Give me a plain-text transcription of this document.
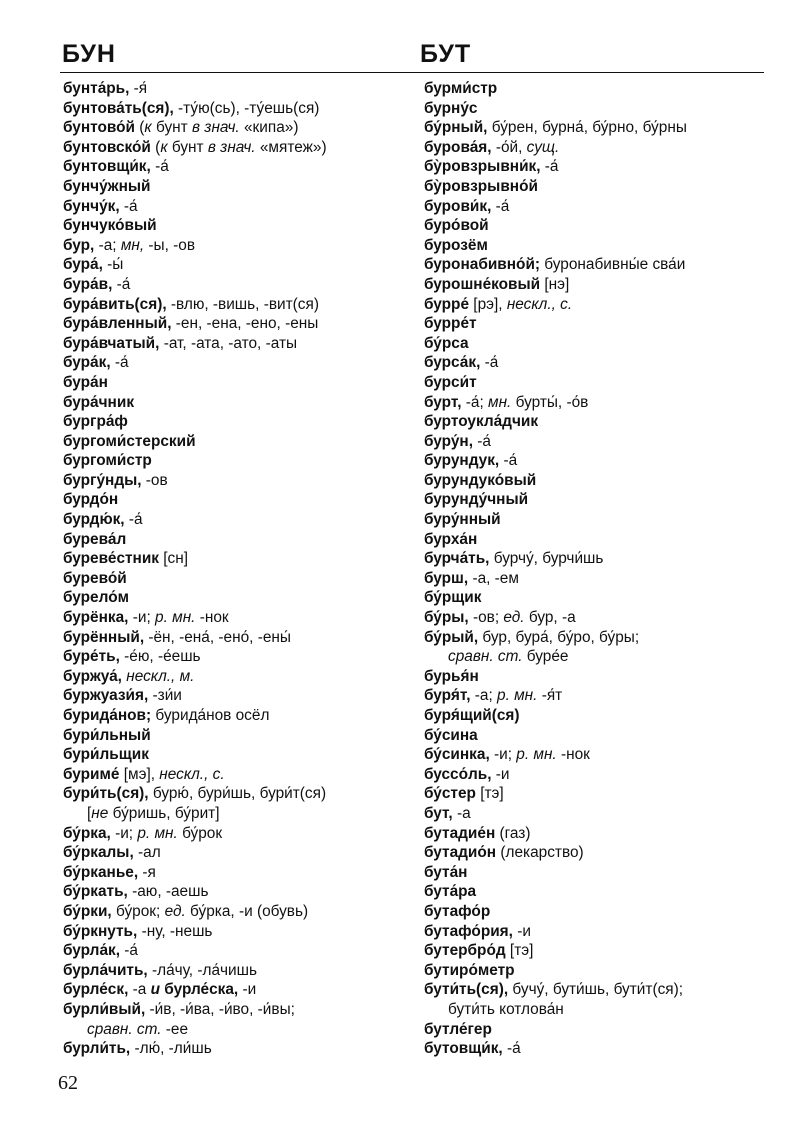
БУН	БУТ
бунта́рь, -я́
бунтова́ть(ся), -ту́ю(сь), -ту́ешь(ся)
бунтово́й (к бунт в знач. «кипа»)
бунтовско́й (к бунт в знач. «мятеж»)
бунтовщи́к, -а́
бунчу́жный
бунчу́к, -а́
бунчуко́вый
бур, -а; мн, -ы, -ов
бура́, -ы́
бура́в, -а́
бура́вить(ся), -влю, -вишь, -вит(ся)
бура́вленный, -ен, -ена, -ено, -ены
бура́вчатый, -ат, -ата, -ато, -аты
бура́к, -а́
бура́н
бура́чник
бургра́ф
бургоми́стерский
бургоми́стр
бургу́нды, -ов
бурдо́н
бурдю́к, -а́
бурева́л
буреве́стник [сн]
бурево́й
бурело́м
бурёнка, -и; р. мн. -нок
бурённый, -ён, -ена́, -ено́, -ены́
буре́ть, -е́ю, -е́ешь
буржуа́, нескл., м.
буржуази́я, -зи́и
бурида́нов; бурида́нов осёл
бури́льный
бури́льщик
буриме́ [мэ], нескл., с.
бури́ть(ся), бурю́, бури́шь, бури́т(ся)
[не бу́ришь, бу́рит]
бу́рка, -и; р. мн. бу́рок
бу́ркалы, -ал
бу́рканье, -я
бу́ркать, -аю, -аешь
бу́рки, бу́рок; ед. бу́рка, -и (обувь)
бу́ркнуть, -ну, -нешь
бурла́к, -а́
бурла́чить, -ла́чу, -ла́чишь
бурле́ск, -а и бурле́ска, -и
бурли́вый, -и́в, -и́ва, -и́во, -и́вы;
сравн. ст. -ее
бурли́ть, -лю́, -ли́шь
бурми́стр
бурну́с
бу́рный, бу́рен, бурна́, бу́рно, бу́рны
бурова́я, -о́й, сущ.
бу̀ровзрывни́к, -а́
бу̀ровзрывно́й
бурови́к, -а́
буро́вой
бурозём
буронабивно́й; буронабивны́е сва́и
бурошне́ковый [нэ]
бурре́ [рэ], нескл., с.
бурре́т
бу́рса
бурса́к, -а́
бурси́т
бурт, -а́; мн. бурты́, -о́в
буртоукла́дчик
буру́н, -а́
бурундук, -а́
бурундуко́вый
бурунду́чный
буру́нный
бурха́н
бурча́ть, бурчу́, бурчи́шь
бурш, -а, -ем
бу́рщик
бу́ры, -ов; ед. бур, -а
бу́рый, бур, бура́, бу́ро, бу́ры;
сравн. ст. буре́е
бурья́н
буря́т, -а; р. мн. -я́т
буря́щий(ся)
бу́сина
бу́синка, -и; р. мн. -нок
буссо́ль, -и
бу́стер [тэ]
бут, -а
бутадие́н (газ)
бутадио́н (лекарство)
бута́н
бута́ра
бутафо́р
бутафо́рия, -и
бутербро́д [тэ]
бутиро́метр
бути́ть(ся), бучу́, бути́шь, бути́т(ся);
бути́ть котлова́н
бутле́гер
бутовщи́к, -а́
62
